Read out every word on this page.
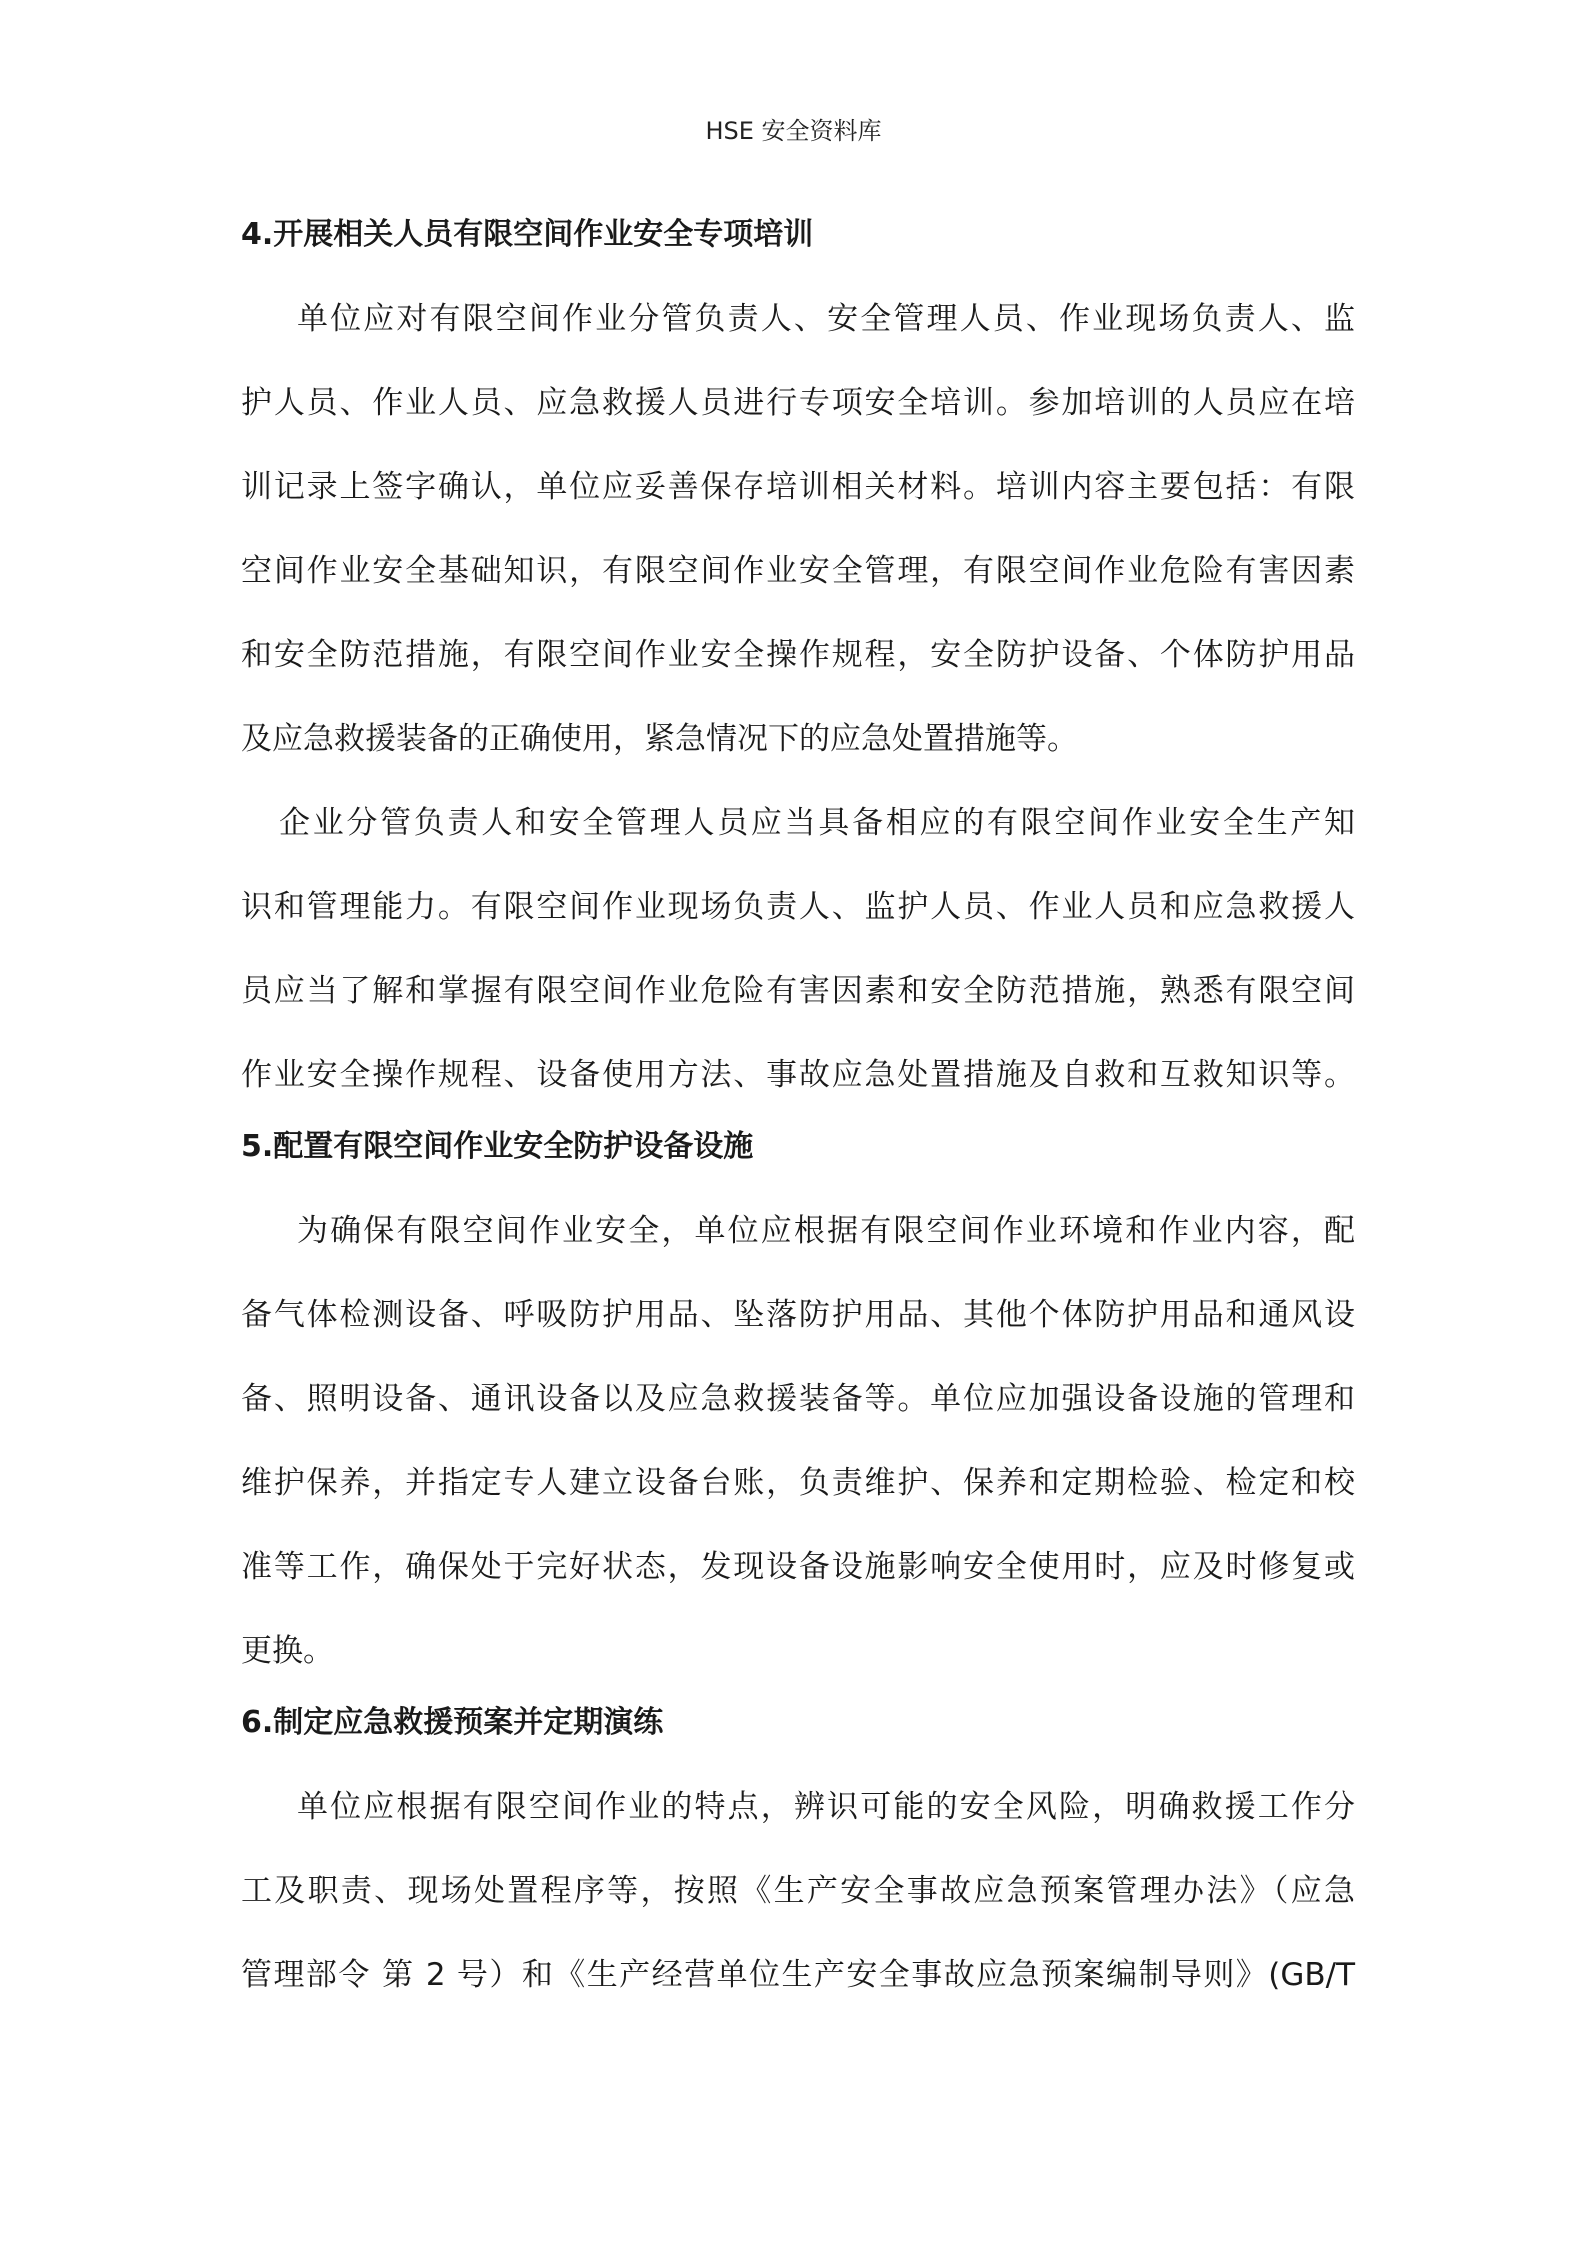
HSE 安全资料库

4.开展相关人员有限空间作业安全专项培训

单位应对有限空间作业分管负责人、安全管理人员、作业现场负责人、监

护人员、作业人员、应急救援人员进行专项安全培训。参加培训的人员应在培

训记录上签字确认，单位应妥善保存培训相关材料。培训内容主要包括：有限

空间作业安全基础知识，有限空间作业安全管理，有限空间作业危险有害因素

和安全防范措施，有限空间作业安全操作规程，安全防护设备、个体防护用品

及应急救援装备的正确使用，紧急情况下的应急处置措施等。

企业分管负责人和安全管理人员应当具备相应的有限空间作业安全生产知

识和管理能力。有限空间作业现场负责人、监护人员、作业人员和应急救援人

员应当了解和掌握有限空间作业危险有害因素和安全防范措施，熟悉有限空间

作业安全操作规程、设备使用方法、事故应急处置措施及自救和互救知识等。

5.配置有限空间作业安全防护设备设施

为确保有限空间作业安全，单位应根据有限空间作业环境和作业内容，配

备气体检测设备、呼吸防护用品、坠落防护用品、其他个体防护用品和通风设

备、照明设备、通讯设备以及应急救援装备等。单位应加强设备设施的管理和

维护保养，并指定专人建立设备台账，负责维护、保养和定期检验、检定和校

准等工作，确保处于完好状态，发现设备设施影响安全使用时，应及时修复或

更换。

6.制定应急救援预案并定期演练

单位应根据有限空间作业的特点，辨识可能的安全风险，明确救援工作分

工及职责、现场处置程序等，按照《生产安全事故应急预案管理办法》（应急

管理部令 第 2 号）和《生产经营单位生产安全事故应急预案编制导则》(GB/T
